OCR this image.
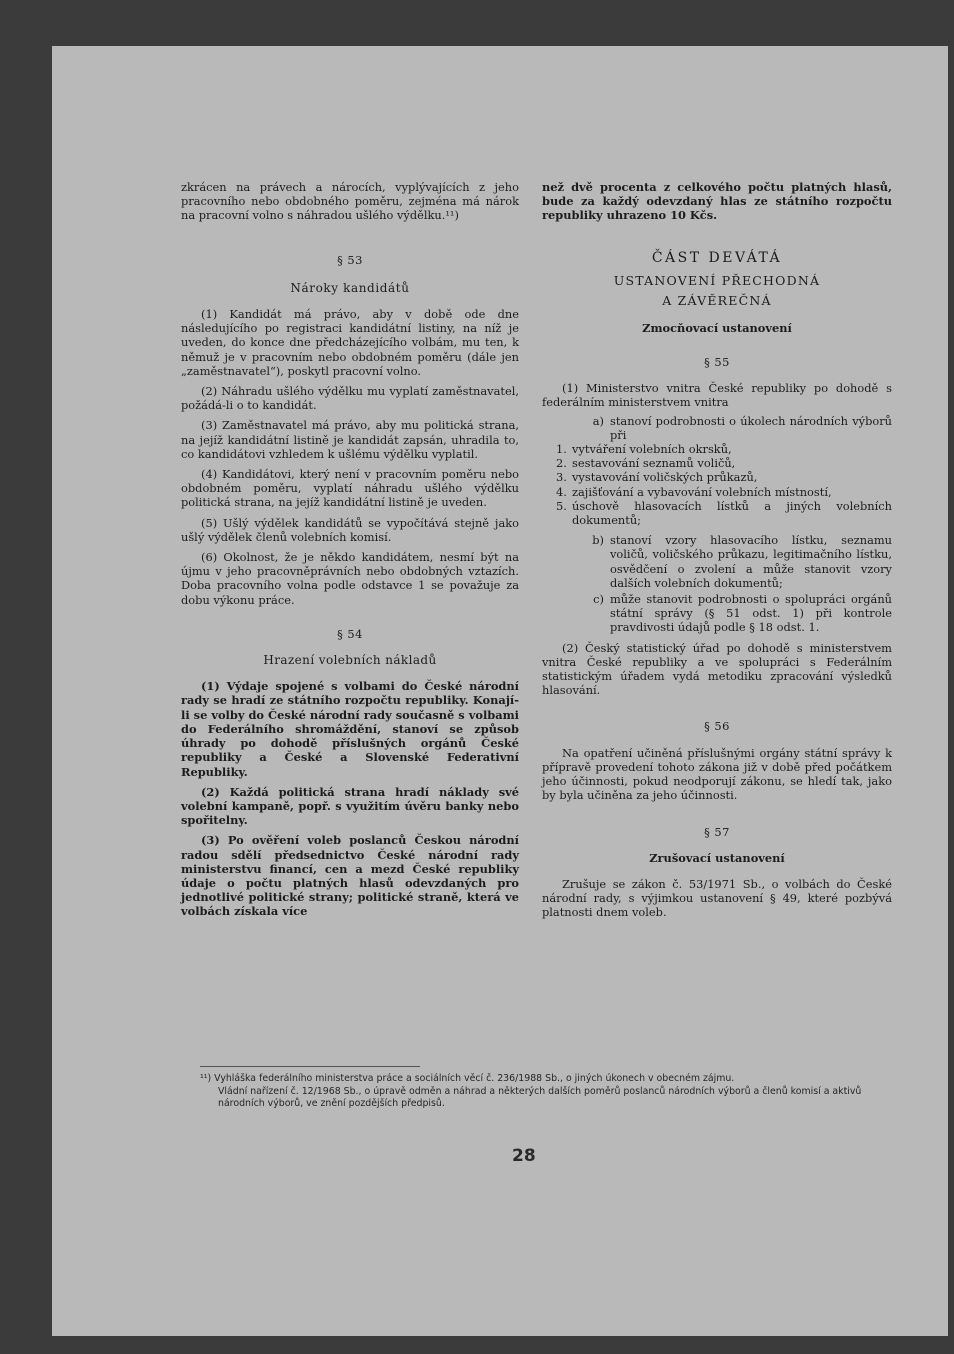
zkrácen na právech a nárocích, vyplývajících z jeho pracovního nebo obdobného poměru, zejména má nárok na pracovní volno s náhradou ušlého výdělku.¹¹)

§ 53

Nároky kandidátů

(1) Kandidát má právo, aby v době ode dne následujícího po registraci kandidátní listiny, na níž je uveden, do konce dne předcházejícího volbám, mu ten, k němuž je v pracovním nebo obdobném poměru (dále jen „zaměstnavatel“), poskytl pracovní volno.

(2) Náhradu ušlého výdělku mu vyplatí zaměstnavatel, požádá-li o to kandidát.

(3) Zaměstnavatel má právo, aby mu politická strana, na jejíž kandidátní listině je kandidát zapsán, uhradila to, co kandidátovi vzhledem k ušlému výdělku vyplatil.

(4) Kandidátovi, který není v pracovním poměru nebo obdobném poměru, vyplatí náhradu ušlého výdělku politická strana, na jejíž kandidátní listině je uveden.

(5) Ušlý výdělek kandidátů se vypočítává stejně jako ušlý výdělek členů volebních komisí.

(6) Okolnost, že je někdo kandidátem, nesmí být na újmu v jeho pracovněprávních nebo obdobných vztazích. Doba pracovního volna podle odstavce 1 se považuje za dobu výkonu práce.

§ 54

Hrazení volebních nákladů

(1) Výdaje spojené s volbami do České národní rady se hradí ze státního rozpočtu republiky. Konají-li se volby do České národní rady současně s volbami do Federálního shromáždění, stanoví se způsob úhrady po dohodě příslušných orgánů České republiky a České a Slovenské Federativní Republiky.

(2) Každá politická strana hradí náklady své volební kampaně, popř. s využitím úvěru banky nebo spořitelny.

(3) Po ověření voleb poslanců Českou národní radou sdělí předsednictvo České národní rady ministerstvu financí, cen a mezd České republiky údaje o počtu platných hlasů odevzdaných pro jednotlivé politické strany; politické straně, která ve volbách získala více

než dvě procenta z celkového počtu platných hlasů, bude za každý odevzdaný hlas ze státního rozpočtu republiky uhrazeno 10 Kčs.

ČÁST DEVÁTÁ

USTANOVENÍ PŘECHODNÁ

A ZÁVĚREČNÁ

Zmocňovací ustanovení

§ 55

(1) Ministerstvo vnitra České republiky po dohodě s federálním ministerstvem vnitra

a) stanoví podrobnosti o úkolech národních výborů při
1. vytváření volebních okrsků,
2. sestavování seznamů voličů,
3. vystavování voličských průkazů,
4. zajišťování a vybavování volebních místností,
5. úschově hlasovacích lístků a jiných volebních dokumentů;
b) stanoví vzory hlasovacího lístku, seznamu voličů, voličského průkazu, legitimačního lístku, osvědčení o zvolení a může stanovit vzory dalších volebních dokumentů;
c) může stanovit podrobnosti o spolupráci orgánů státní správy (§ 51 odst. 1) při kontrole pravdivosti údajů podle § 18 odst. 1.

(2) Český statistický úřad po dohodě s ministerstvem vnitra České republiky a ve spolupráci s Federálním statistickým úřadem vydá metodiku zpracování výsledků hlasování.

§ 56

Na opatření učiněná příslušnými orgány státní správy k přípravě provedení tohoto zákona již v době před počátkem jeho účinnosti, pokud neodporují zákonu, se hledí tak, jako by byla učiněna za jeho účinnosti.

§ 57

Zrušovací ustanovení

Zrušuje se zákon č. 53/1971 Sb., o volbách do České národní rady, s výjimkou ustanovení § 49, které pozbývá platnosti dnem voleb.

¹¹) Vyhláška federálního ministerstva práce a sociálních věcí č. 236/1988 Sb., o jiných úkonech v obecném zájmu.
Vládní nařízení č. 12/1968 Sb., o úpravě odměn a náhrad a některých dalších poměrů poslanců národních výborů a členů komisí a aktivů národních výborů, ve znění pozdějších předpisů.
28
